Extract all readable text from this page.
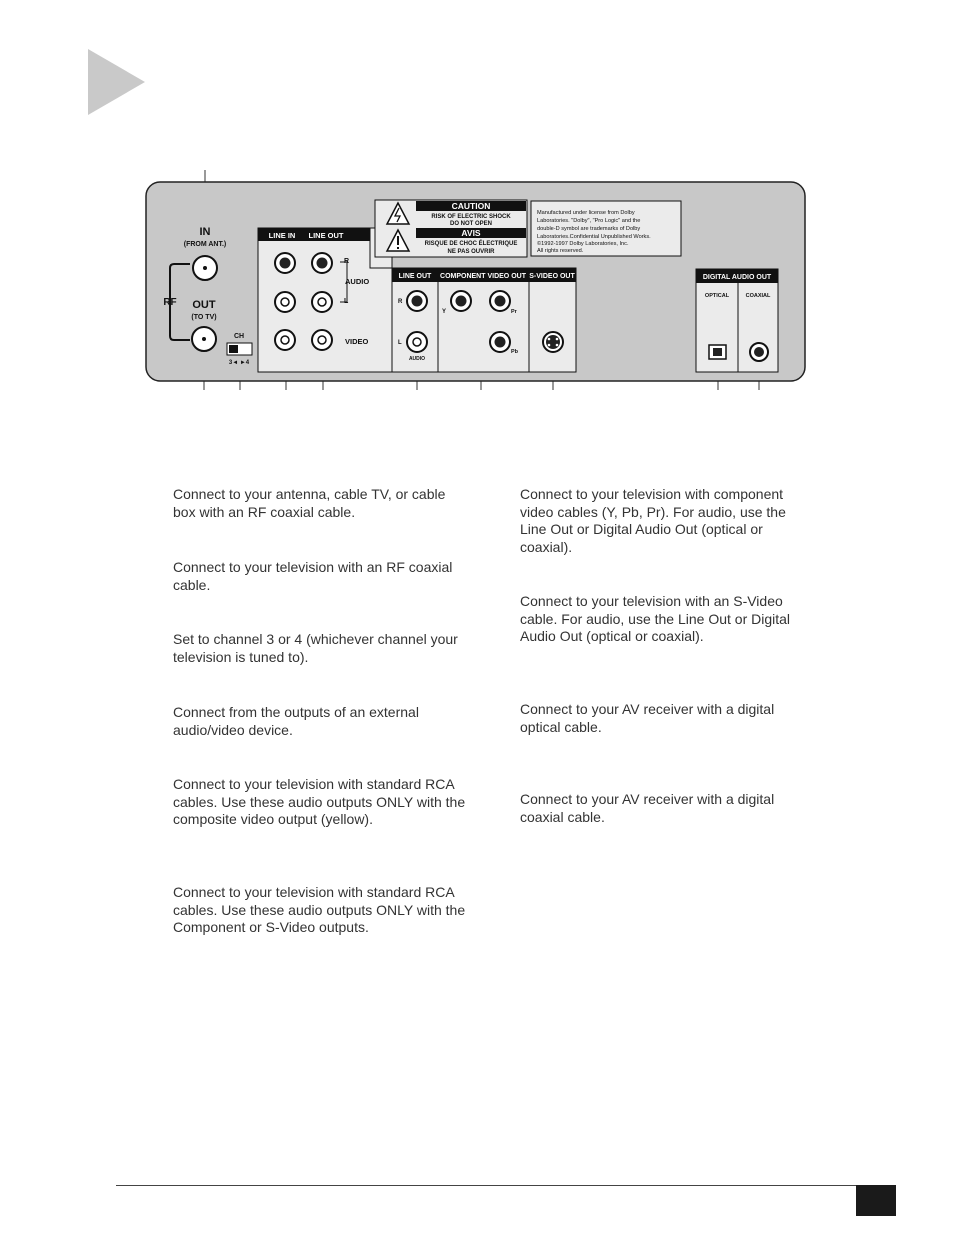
IN
(FROM ANT.)
RF OUT
(TO TV)
CH
3◄ ►4
LINE IN LINE OUT
R
AUDIO
L
VIDEO
CAUTION
RISK OF ELECTRIC SHOCK
DO NOT OPEN
AVIS
RISQUE DE CHOC ÉLECTRIQUE
NE PAS OUVRIR
Manufactured under license from Dolby
Laboratories. "Dolby", "Pro Logic" and the
double-D symbol are trademarks of Dolby
Laboratories.Confidential Unpublished Works.
©1992-1997 Dolby Laboratories, Inc.
All rights reserved.
LINE OUT COMPONENT VIDEO OUT S-VIDEO OUT
R
L
AUDIO
Y	Pr
Pb
DIGITAL AUDIO OUT
OPTICAL	COAXIAL

Connect to your antenna, cable TV, or cable box with an RF coaxial cable.

Connect to your television with an RF coaxial cable.

Set to channel 3 or 4 (whichever channel your television is tuned to).

Connect from the outputs of an external audio/video device.

Connect to your television with standard RCA cables. Use these audio outputs ONLY with the composite video output (yellow).

Connect to your television with standard RCA cables. Use these audio outputs ONLY with the Component or S-Video outputs.

Connect to your television with component video cables (Y, Pb, Pr). For audio, use the Line Out or Digital Audio Out (optical or coaxial).

Connect to your television with an S-Video cable. For audio, use the Line Out or Digital Audio Out (optical or coaxial).

Connect to your AV receiver with a digital optical cable.

Connect to your AV receiver with a digital coaxial cable.
